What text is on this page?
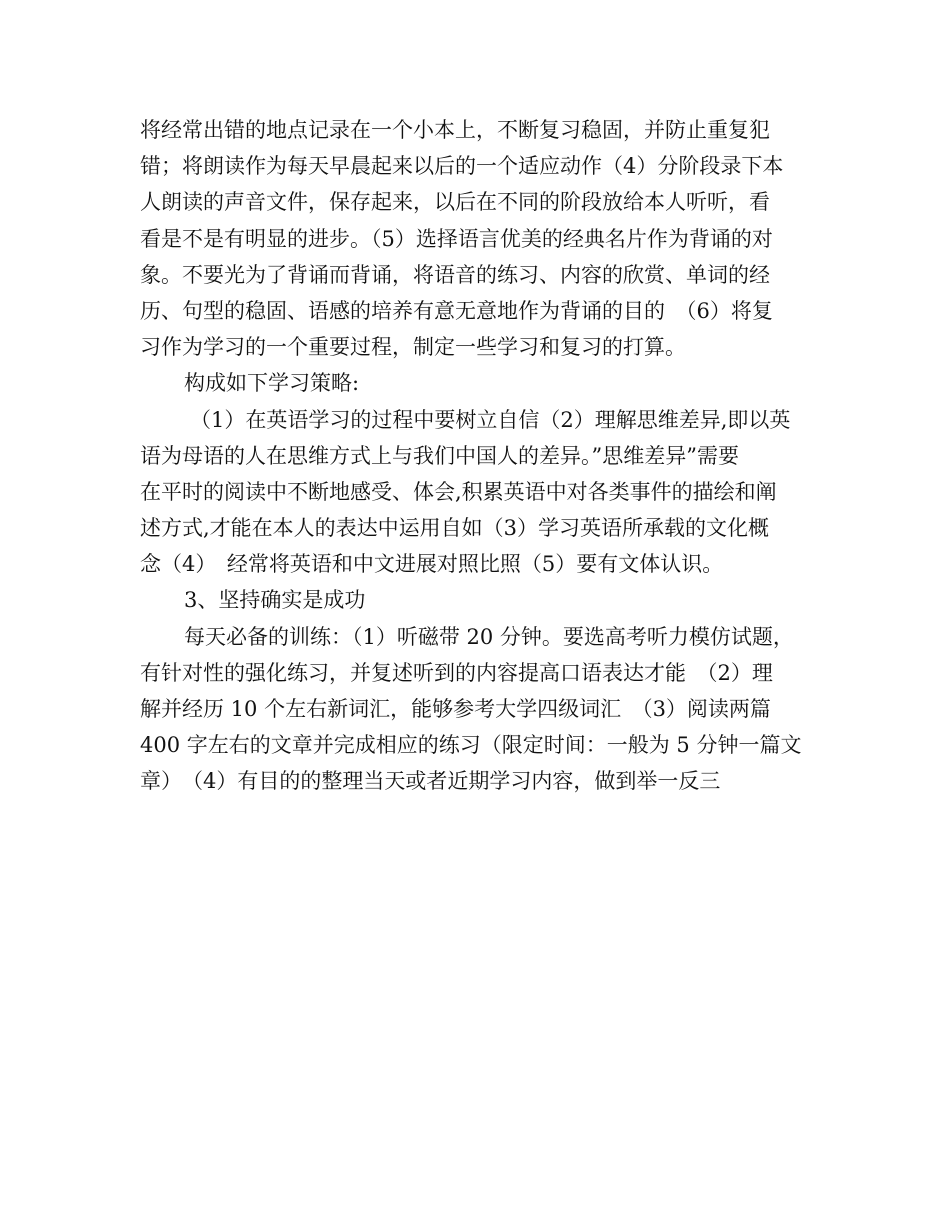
将经常出错的地点记录在一个小本上，不断复习稳固，并防止重复犯
错；将朗读作为每天早晨起来以后的一个适应动作（4）分阶段录下本
人朗读的声音文件，保存起来，以后在不同的阶段放给本人听听，看
看是不是有明显的进步。（5）选择语言优美的经典名片作为背诵的对
象。不要光为了背诵而背诵，将语音的练习、内容的欣赏、单词的经
历、句型的稳固、语感的培养有意无意地作为背诵的目的　（6）将复
习作为学习的一个重要过程，制定一些学习和复习的打算。
构成如下学习策略:
（1）在英语学习的过程中要树立自信（2）理解思维差异,即以英
语为母语的人在思维方式上与我们中国人的差异。”思维差异”需要
在平时的阅读中不断地感受、体会,积累英语中对各类事件的描绘和阐
述方式,才能在本人的表达中运用自如（3）学习英语所承载的文化概
念（4）　经常将英语和中文进展对照比照（5）要有文体认识。
3、坚持确实是成功
每天必备的训练：（1）听磁带 20 分钟。要选高考听力模仿试题，
有针对性的强化练习，并复述听到的内容提高口语表达才能　（2）理
解并经历 10 个左右新词汇，能够参考大学四级词汇　（3）阅读两篇
400 字左右的文章并完成相应的练习（限定时间：一般为 5 分钟一篇文
章）　（4）有目的的整理当天或者近期学习内容，做到举一反三
